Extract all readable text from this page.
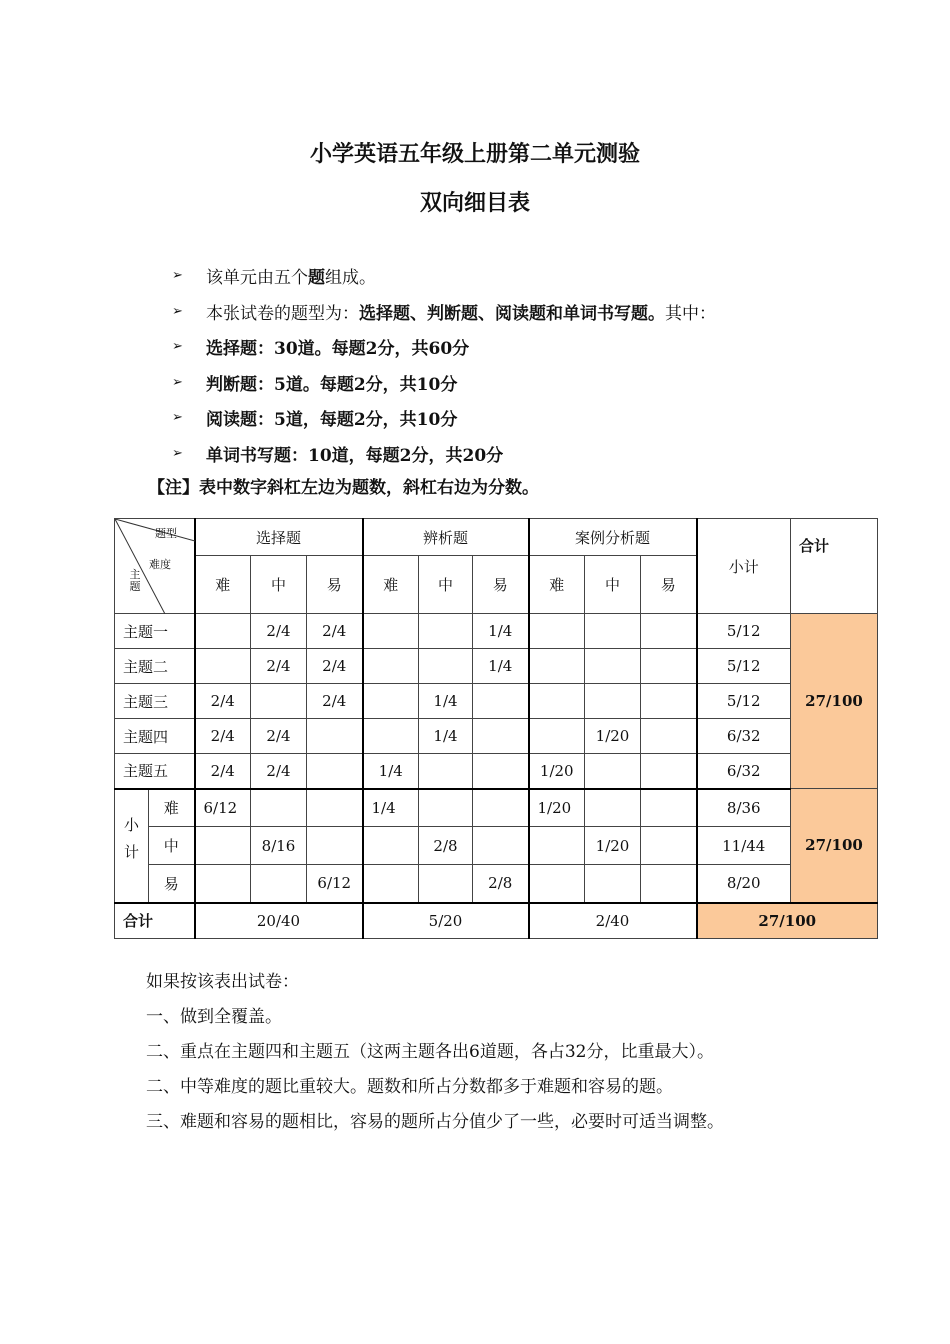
小学英语五年级上册第二单元测验
双向细目表
➢	该单元由五个 题 组成。
➢	本张试卷的题型为： 选择题、判断题、阅读题和单词书写题。 其中：
➢	选择题：30道。每题2分，共60分
➢	判断题：5道。每题2分，共10分
➢	阅读题：5道，每题2分，共10分
➢	单词书写题：10道，每题2分，共20分
【注】表中数字斜杠左边为题数，斜杠右边为分数。
题型
难度
主题		选择题			辨析题			案例分析题			小计	合计
		难	中	易	难	中	易	难	中	易		
主题一			2/4	2/4			1/4				5/12	27/100
主题二			2/4	2/4			1/4				5/12	
主题三		2/4		2/4		1/4					5/12	
主题四		2/4	2/4			1/4			1/20		6/32	
主题五		2/4	2/4		1/4			1/20			6/32	
小计	难	6/12			1/4			1/20			8/36	27/100
	中		8/16			2/8			1/20		11/44	
	易			6/12			2/8				8/20	
合计		20/40			5/20			2/40			27/100	
如果按该表出试卷：
一、做到全覆盖。
二、重点在主题四和主题五（这两主题各出6道题，各占32分，比重最大）。
二、中等难度的题比重较大。题数和所占分数都多于难题和容易的题。
三、难题和容易的题相比，容易的题所占分值少了一些，必要时可适当调整。
